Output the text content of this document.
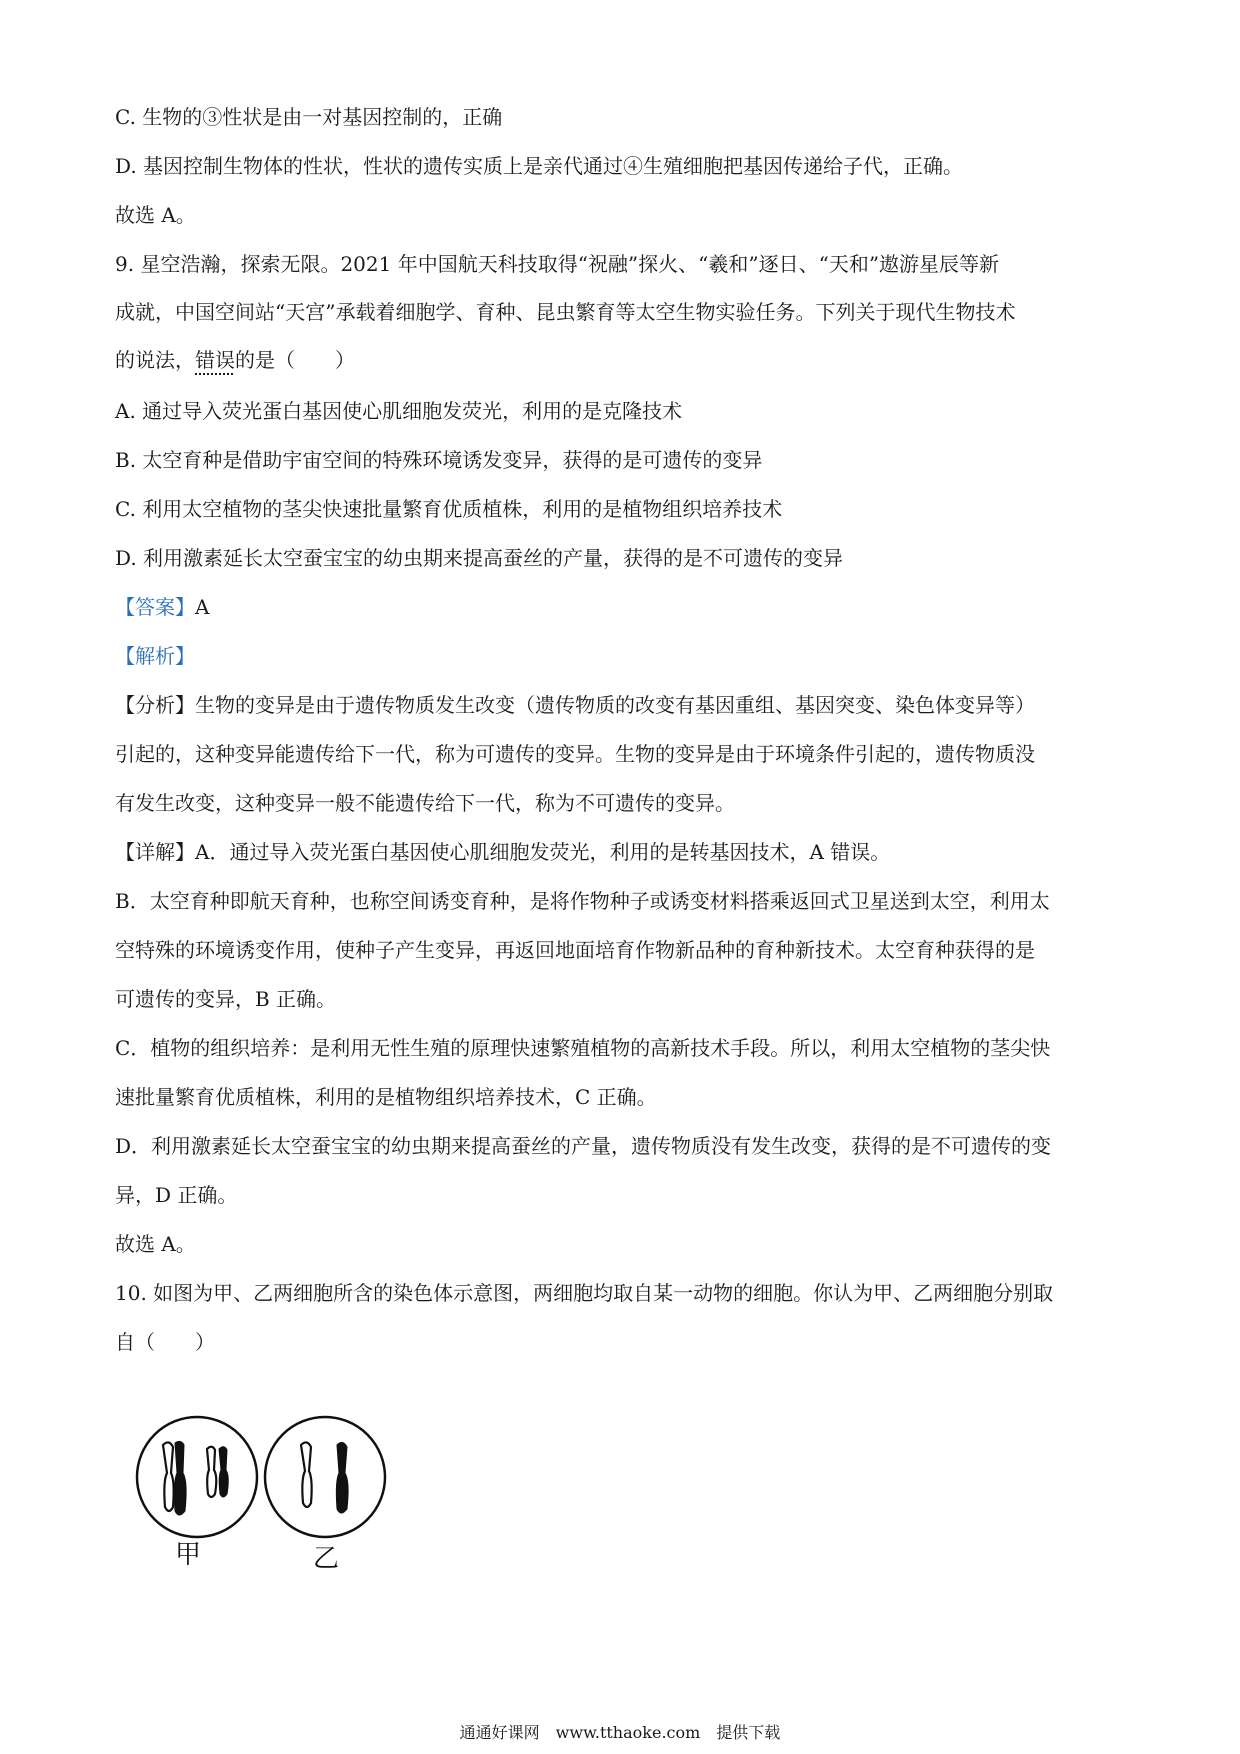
C. 生物的③性状是由一对基因控制的，正确
D. 基因控制生物体的性状，性状的遗传实质上是亲代通过④生殖细胞把基因传递给子代，正确。
故选 A。
9. 星空浩瀚，探索无限。2021 年中国航天科技取得“祝融”探火、“羲和”逐日、“天和”遨游星辰等新
成就，中国空间站“天宫”承载着细胞学、育种、昆虫繁育等太空生物实验任务。下列关于现代生物技术
的说法，错误的是（　　）
A. 通过导入荧光蛋白基因使心肌细胞发荧光，利用的是克隆技术
B. 太空育种是借助宇宙空间的特殊环境诱发变异，获得的是可遗传的变异
C. 利用太空植物的茎尖快速批量繁育优质植株，利用的是植物组织培养技术
D. 利用激素延长太空蚕宝宝的幼虫期来提高蚕丝的产量，获得的是不可遗传的变异
【答案】A
【解析】
【分析】生物的变异是由于遗传物质发生改变（遗传物质的改变有基因重组、基因突变、染色体变异等）
引起的，这种变异能遗传给下一代，称为可遗传的变异。生物的变异是由于环境条件引起的，遗传物质没
有发生改变，这种变异一般不能遗传给下一代，称为不可遗传的变异。
【详解】A．通过导入荧光蛋白基因使心肌细胞发荧光，利用的是转基因技术，A 错误。
B．太空育种即航天育种，也称空间诱变育种，是将作物种子或诱变材料搭乘返回式卫星送到太空，利用太
空特殊的环境诱变作用，使种子产生变异，再返回地面培育作物新品种的育种新技术。太空育种获得的是
可遗传的变异，B 正确。
C．植物的组织培养：是利用无性生殖的原理快速繁殖植物的高新技术手段。所以，利用太空植物的茎尖快
速批量繁育优质植株，利用的是植物组织培养技术，C 正确。
D．利用激素延长太空蚕宝宝的幼虫期来提高蚕丝的产量，遗传物质没有发生改变，获得的是不可遗传的变
异，D 正确。
故选 A。
10. 如图为甲、乙两细胞所含的染色体示意图，两细胞均取自某一动物的细胞。你认为甲、乙两细胞分别取
自（　　）
甲	乙
通通好课网　www.tthaoke.com　提供下载
